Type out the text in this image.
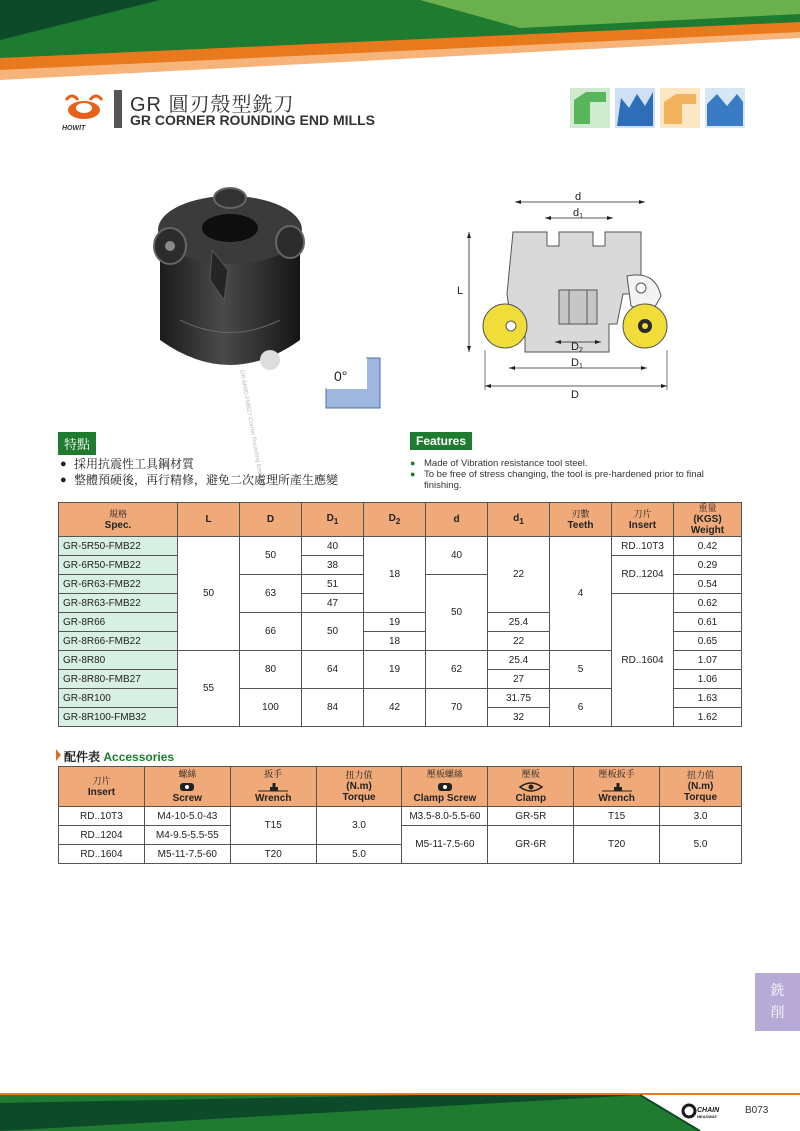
HOWIT
GR 圓刃殼型銑刀
GR CORNER ROUNDING END MILLS
GR-8R80-FMB27 Corner Rounding End Mills	0°
d
d1
L
D2
D1
D
特點
● 採用抗震性工具鋼材質
● 整體預硬後，再行精修，避免二次處理所產生應變
Features
● Made of Vibration resistance tool steel.
● To be free of stress changing, the tool is pre-hardened prior to final finishing.
規格
Spec.	L	D	$D_1$	$D_2$	d	$d_1$	刃數
Teeth	刀片
Insert	重量
(KGS)
Weight

GR-5R50-FMB22	50	50	40	18	40	22	4	RD..10T3	0.42
GR-6R50-FMB22			38					RD..1204	0.29
GR-6R63-FMB22		63	51		50				0.54
GR-8R63-FMB22			47					RD..1604	0.62
GR-8R66		66	50	19		25.4			0.61
GR-8R66-FMB22				18		22			0.65
GR-8R80	55	80	64	19	62	25.4	5		1.07
GR-8R80-FMB27						27			1.06
GR-8R100		100	84	42	70	31.75	6		1.63
GR-8R100-FMB32						32			1.62
配件表 Accessories
刀片
Insert	螺絲
Screw	扳手
Wrench	扭力值
(N.m)
Torque	壓板螺絲
Clamp Screw	壓板
Clamp	壓板扳手
Wrench	扭力值
(N.m)
Torque

RD..10T3	M4-10-5.0-43	T15	3.0	M3.5-8.0-5.5-60	GR-5R	T15	3.0
RD..1204	M4-9.5-5.5-55			M5-11-7.5-60	GR-6R	T20	5.0
RD..1604	M5-11-7.5-60	T20	5.0				
銑
削
CHAIN HEADWAY
B073
